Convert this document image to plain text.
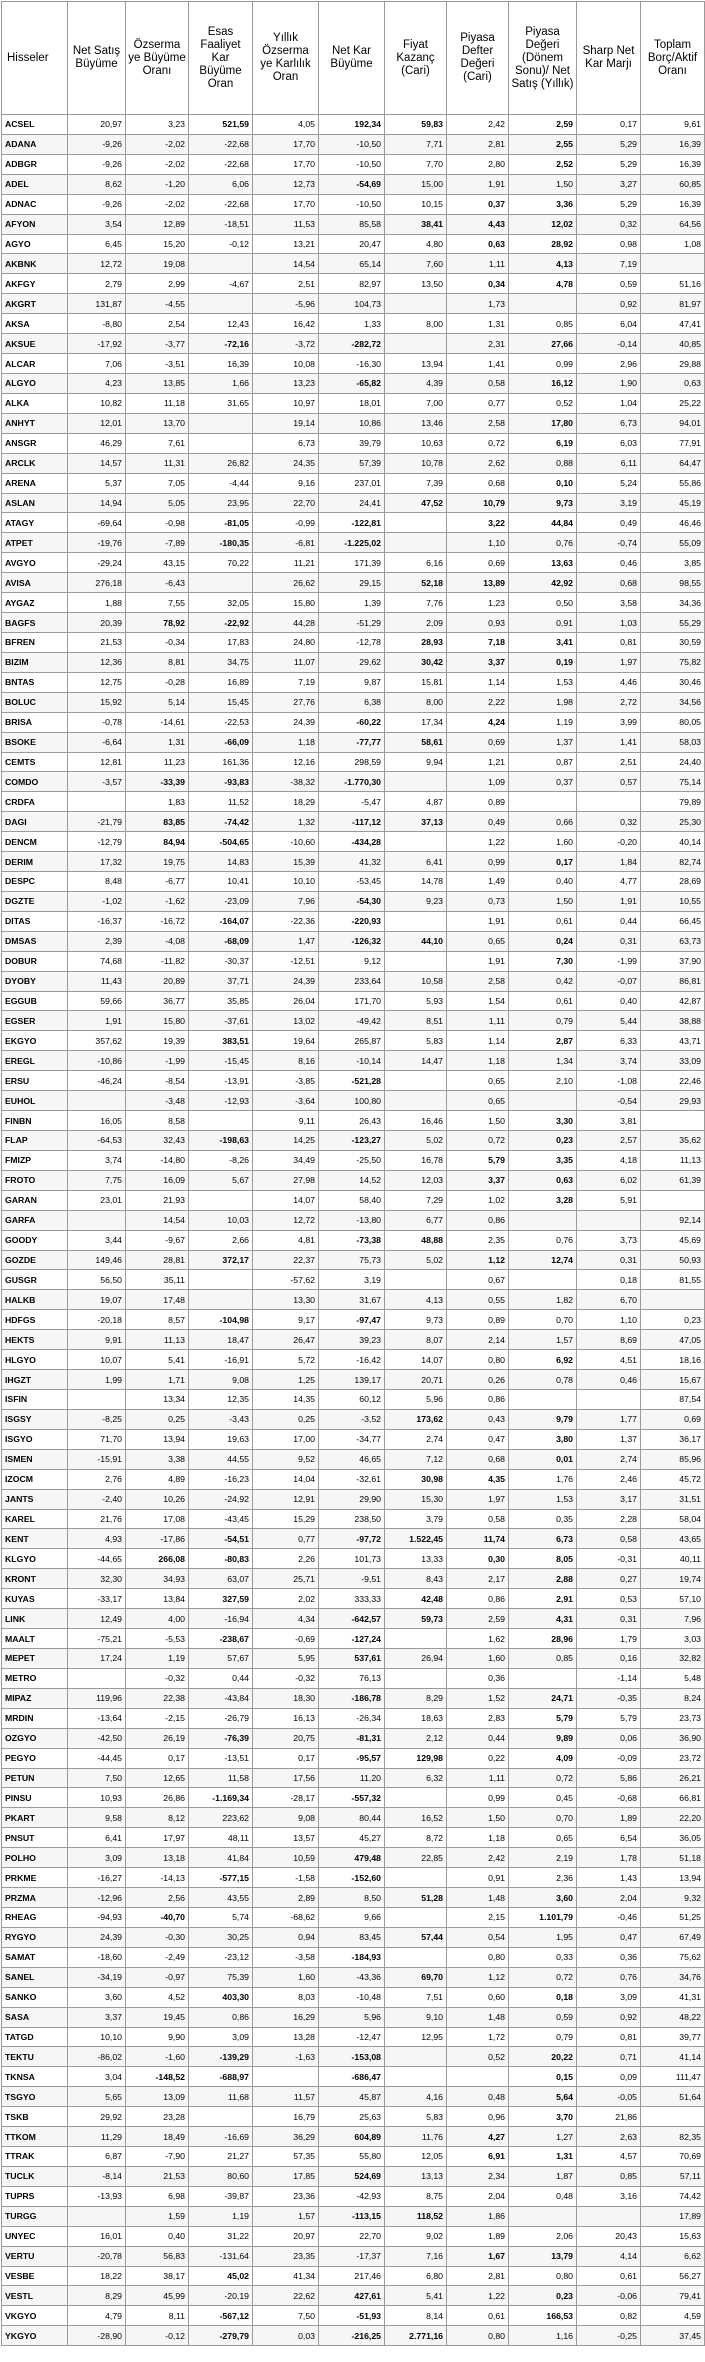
Hisseler	Net Satış Büyüme	Özserma ye Büyüme Oranı	Esas Faaliyet Kar Büyüme Oran	Yıllık Özserma ye Karlılık Oran	Net Kar Büyüme	Fiyat Kazanç (Cari)	Piyasa Defter Değeri (Cari)	Piyasa Değeri (Dönem Sonu)/ Net Satış (Yıllık)	Sharp Net Kar Marjı	Toplam Borç/Aktif Oranı
ACSEL	20,97	3,23	521,59	4,05	192,34	59,83	2,42	2,59	0,17	9,61
ADANA	-9,26	-2,02	-22,68	17,70	-10,50	7,71	2,81	2,55	5,29	16,39
ADBGR	-9,26	-2,02	-22,68	17,70	-10,50	7,70	2,80	2,52	5,29	16,39
ADEL	8,62	-1,20	6,06	12,73	-54,69	15,00	1,91	1,50	3,27	60,85
ADNAC	-9,26	-2,02	-22,68	17,70	-10,50	10,15	0,37	3,36	5,29	16,39
AFYON	3,54	12,89	-18,51	11,53	85,58	38,41	4,43	12,02	0,32	64,56
AGYO	6,45	15,20	-0,12	13,21	20,47	4,80	0,63	28,92	0,98	1,08
AKBNK	12,72	19,08		14,54	65,14	7,60	1,11	4,13	7,19	
AKFGY	2,79	2,99	-4,67	2,51	82,97	13,50	0,34	4,78	0,59	51,16
AKGRT	131,87	-4,55		-5,96	104,73		1,73		0,92	81,97
AKSA	-8,80	2,54	12,43	16,42	1,33	8,00	1,31	0,85	6,04	47,41
AKSUE	-17,92	-3,77	-72,16	-3,72	-282,72		2,31	27,66	-0,14	40,85
ALCAR	7,06	-3,51	16,39	10,08	-16,30	13,94	1,41	0,99	2,96	29,88
ALGYO	4,23	13,85	1,66	13,23	-65,82	4,39	0,58	16,12	1,90	0,63
ALKA	10,82	11,18	31,65	10,97	18,01	7,00	0,77	0,52	1,04	25,22
ANHYT	12,01	13,70		19,14	10,86	13,46	2,58	17,80	6,73	94,01
ANSGR	46,29	7,61		6,73	39,79	10,63	0,72	6,19	6,03	77,91
ARCLK	14,57	11,31	26,82	24,35	57,39	10,78	2,62	0,88	6,11	64,47
ARENA	5,37	7,05	-4,44	9,16	237,01	7,39	0,68	0,10	5,24	55,86
ASLAN	14,94	5,05	23,95	22,70	24,41	47,52	10,79	9,73	3,19	45,19
ATAGY	-69,64	-0,98	-81,05	-0,99	-122,81		3,22	44,84	0,49	46,46
ATPET	-19,76	-7,89	-180,35	-6,81	-1.225,02		1,10	0,76	-0,74	55,09
AVGYO	-29,24	43,15	70,22	11,21	171,39	6,16	0,69	13,63	0,46	3,85
AVISA	276,18	-6,43		26,62	29,15	52,18	13,89	42,92	0,68	98,55
AYGAZ	1,88	7,55	32,05	15,80	1,39	7,76	1,23	0,50	3,58	34,36
BAGFS	20,39	78,92	-22,92	44,28	-51,29	2,09	0,93	0,91	1,03	55,29
BFREN	21,53	-0,34	17,83	24,80	-12,78	28,93	7,18	3,41	0,81	30,59
BIZIM	12,36	8,81	34,75	11,07	29,62	30,42	3,37	0,19	1,97	75,82
BNTAS	12,75	-0,28	16,89	7,19	9,87	15,81	1,14	1,53	4,46	30,46
BOLUC	15,92	5,14	15,45	27,76	6,38	8,00	2,22	1,98	2,72	34,56
BRISA	-0,78	-14,61	-22,53	24,39	-60,22	17,34	4,24	1,19	3,99	80,05
BSOKE	-6,64	1,31	-66,09	1,18	-77,77	58,61	0,69	1,37	1,41	58,03
CEMTS	12,81	11,23	161,36	12,16	298,59	9,94	1,21	0,87	2,51	24,40
COMDO	-3,57	-33,39	-93,83	-38,32	-1.770,30		1,09	0,37	0,57	75,14
CRDFA		1,83	11,52	18,29	-5,47	4,87	0,89			79,89
DAGI	-21,79	83,85	-74,42	1,32	-117,12	37,13	0,49	0,66	0,32	25,30
DENCM	-12,79	84,94	-504,65	-10,60	-434,28		1,22	1,60	-0,20	40,14
DERIM	17,32	19,75	14,83	15,39	41,32	6,41	0,99	0,17	1,84	82,74
DESPC	8,48	-6,77	10,41	10,10	-53,45	14,78	1,49	0,40	4,77	28,69
DGZTE	-1,02	-1,62	-23,09	7,96	-54,30	9,23	0,73	1,50	1,91	10,55
DITAS	-16,37	-16,72	-164,07	-22,36	-220,93		1,91	0,61	0,44	66,45
DMSAS	2,39	-4,08	-68,09	1,47	-126,32	44,10	0,65	0,24	0,31	63,73
DOBUR	74,68	-11,82	-30,37	-12,51	9,12		1,91	7,30	-1,99	37,90
DYOBY	11,43	20,89	37,71	24,39	233,64	10,58	2,58	0,42	-0,07	86,81
EGGUB	59,66	36,77	35,85	26,04	171,70	5,93	1,54	0,61	0,40	42,87
EGSER	1,91	15,80	-37,61	13,02	-49,42	8,51	1,11	0,79	5,44	38,88
EKGYO	357,62	19,39	383,51	19,64	265,87	5,83	1,14	2,87	6,33	43,71
EREGL	-10,86	-1,99	-15,45	8,16	-10,14	14,47	1,18	1,34	3,74	33,09
ERSU	-46,24	-8,54	-13,91	-3,85	-521,28		0,65	2,10	-1,08	22,46
EUHOL		-3,48	-12,93	-3,64	100,80		0,65		-0,54	29,93
FINBN	16,05	8,58		9,11	26,43	16,46	1,50	3,30	3,81	
FLAP	-64,53	32,43	-198,63	14,25	-123,27	5,02	0,72	0,23	2,57	35,62
FMIZP	3,74	-14,80	-8,26	34,49	-25,50	16,78	5,79	3,35	4,18	11,13
FROTO	7,75	16,09	5,67	27,98	14,52	12,03	3,37	0,63	6,02	61,39
GARAN	23,01	21,93		14,07	58,40	7,29	1,02	3,28	5,91	
GARFA		14,54	10,03	12,72	-13,80	6,77	0,86			92,14
GOODY	3,44	-9,67	2,66	4,81	-73,38	48,88	2,35	0,76	3,73	45,69
GOZDE	149,46	28,81	372,17	22,37	75,73	5,02	1,12	12,74	0,31	50,93
GUSGR	56,50	35,11		-57,62	3,19		0,67		0,18	81,55
HALKB	19,07	17,48		13,30	31,67	4,13	0,55	1,82	6,70	
HDFGS	-20,18	8,57	-104,98	9,17	-97,47	9,73	0,89	0,70	1,10	0,23
HEKTS	9,91	11,13	18,47	26,47	39,23	8,07	2,14	1,57	8,69	47,05
HLGYO	10,07	5,41	-16,91	5,72	-16,42	14,07	0,80	6,92	4,51	18,16
IHGZT	1,99	1,71	9,08	1,25	139,17	20,71	0,26	0,78	0,46	15,67
ISFIN		13,34	12,35	14,35	60,12	5,96	0,86			87,54
ISGSY	-8,25	0,25	-3,43	0,25	-3,52	173,62	0,43	9,79	1,77	0,69
ISGYO	71,70	13,94	19,63	17,00	-34,77	2,74	0,47	3,80	1,37	36,17
ISMEN	-15,91	3,38	44,55	9,52	46,65	7,12	0,68	0,01	2,74	85,96
IZOCM	2,76	4,89	-16,23	14,04	-32,61	30,98	4,35	1,76	2,46	45,72
JANTS	-2,40	10,26	-24,92	12,91	29,90	15,30	1,97	1,53	3,17	31,51
KAREL	21,76	17,08	-43,45	15,29	238,50	3,79	0,58	0,35	2,28	58,04
KENT	4,93	-17,86	-54,51	0,77	-97,72	1.522,45	11,74	6,73	0,58	43,65
KLGYO	-44,65	266,08	-80,83	2,26	101,73	13,33	0,30	8,05	-0,31	40,11
KRONT	32,30	34,93	63,07	25,71	-9,51	8,43	2,17	2,88	0,27	19,74
KUYAS	-33,17	13,84	327,59	2,02	333,33	42,48	0,86	2,91	0,53	57,10
LINK	12,49	4,00	-16,94	4,34	-642,57	59,73	2,59	4,31	0,31	7,96
MAALT	-75,21	-5,53	-238,67	-0,69	-127,24		1,62	28,96	1,79	3,03
MEPET	17,24	1,19	57,67	5,95	537,61	26,94	1,60	0,85	0,16	32,82
METRO		-0,32	0,44	-0,32	76,13		0,36		-1,14	5,48
MIPAZ	119,96	22,38	-43,84	18,30	-186,78	8,29	1,52	24,71	-0,35	8,24
MRDIN	-13,64	-2,15	-26,79	16,13	-26,34	18,63	2,83	5,79	5,79	23,73
OZGYO	-42,50	26,19	-76,39	20,75	-81,31	2,12	0,44	9,89	0,06	36,90
PEGYO	-44,45	0,17	-13,51	0,17	-95,57	129,98	0,22	4,09	-0,09	23,72
PETUN	7,50	12,65	11,58	17,56	11,20	6,32	1,11	0,72	5,86	26,21
PINSU	10,93	26,86	-1.169,34	-28,17	-557,32		0,99	0,45	-0,68	66,81
PKART	9,58	8,12	223,62	9,08	80,44	16,52	1,50	0,70	1,89	22,20
PNSUT	6,41	17,97	48,11	13,57	45,27	8,72	1,18	0,65	6,54	36,05
POLHO	3,09	13,18	41,84	10,59	479,48	22,85	2,42	2,19	1,78	51,18
PRKME	-16,27	-14,13	-577,15	-1,58	-152,60		0,91	2,36	1,43	13,94
PRZMA	-12,96	2,56	43,55	2,89	8,50	51,28	1,48	3,60	2,04	9,32
RHEAG	-94,93	-40,70	5,74	-68,62	9,66		2,15	1.101,79	-0,46	51,25
RYGYO	24,39	-0,30	30,25	0,94	83,45	57,44	0,54	1,95	0,47	67,49
SAMAT	-18,60	-2,49	-23,12	-3,58	-184,93		0,80	0,33	0,36	75,62
SANEL	-34,19	-0,97	75,39	1,60	-43,36	69,70	1,12	0,72	0,76	34,76
SANKO	3,60	4,52	403,30	8,03	-10,48	7,51	0,60	0,18	3,09	41,31
SASA	3,37	19,45	0,86	16,29	5,96	9,10	1,48	0,59	0,92	48,22
TATGD	10,10	9,90	3,09	13,28	-12,47	12,95	1,72	0,79	0,81	39,77
TEKTU	-86,02	-1,60	-139,29	-1,63	-153,08		0,52	20,22	0,71	41,14
TKNSA	3,04	-148,52	-688,97		-686,47			0,15	0,09	111,47
TSGYO	5,65	13,09	11,68	11,57	45,87	4,16	0,48	5,64	-0,05	51,64
TSKB	29,92	23,28		16,79	25,63	5,83	0,96	3,70	21,86	
TTKOM	11,29	18,49	-16,69	36,29	604,89	11,76	4,27	1,27	2,63	82,35
TTRAK	6,87	-7,90	21,27	57,35	55,80	12,05	6,91	1,31	4,57	70,69
TUCLK	-8,14	21,53	80,60	17,85	524,69	13,13	2,34	1,87	0,85	57,11
TUPRS	-13,93	6,98	-39,87	23,36	-42,93	8,75	2,04	0,48	3,16	74,42
TURGG		1,59	1,19	1,57	-113,15	118,52	1,86			17,89
UNYEC	16,01	0,40	31,22	20,97	22,70	9,02	1,89	2,06	20,43	15,63
VERTU	-20,78	56,83	-131,64	23,35	-17,37	7,16	1,67	13,79	4,14	6,62
VESBE	18,22	38,17	45,02	41,34	217,46	6,80	2,81	0,80	0,61	56,27
VESTL	8,29	45,99	-20,19	22,62	427,61	5,41	1,22	0,23	-0,06	79,41
VKGYO	4,79	8,11	-567,12	7,50	-51,93	8,14	0,61	166,53	0,82	4,59
YKGYO	-28,90	-0,12	-279,79	0,03	-216,25	2.771,16	0,80	1,16	-0,25	37,45
